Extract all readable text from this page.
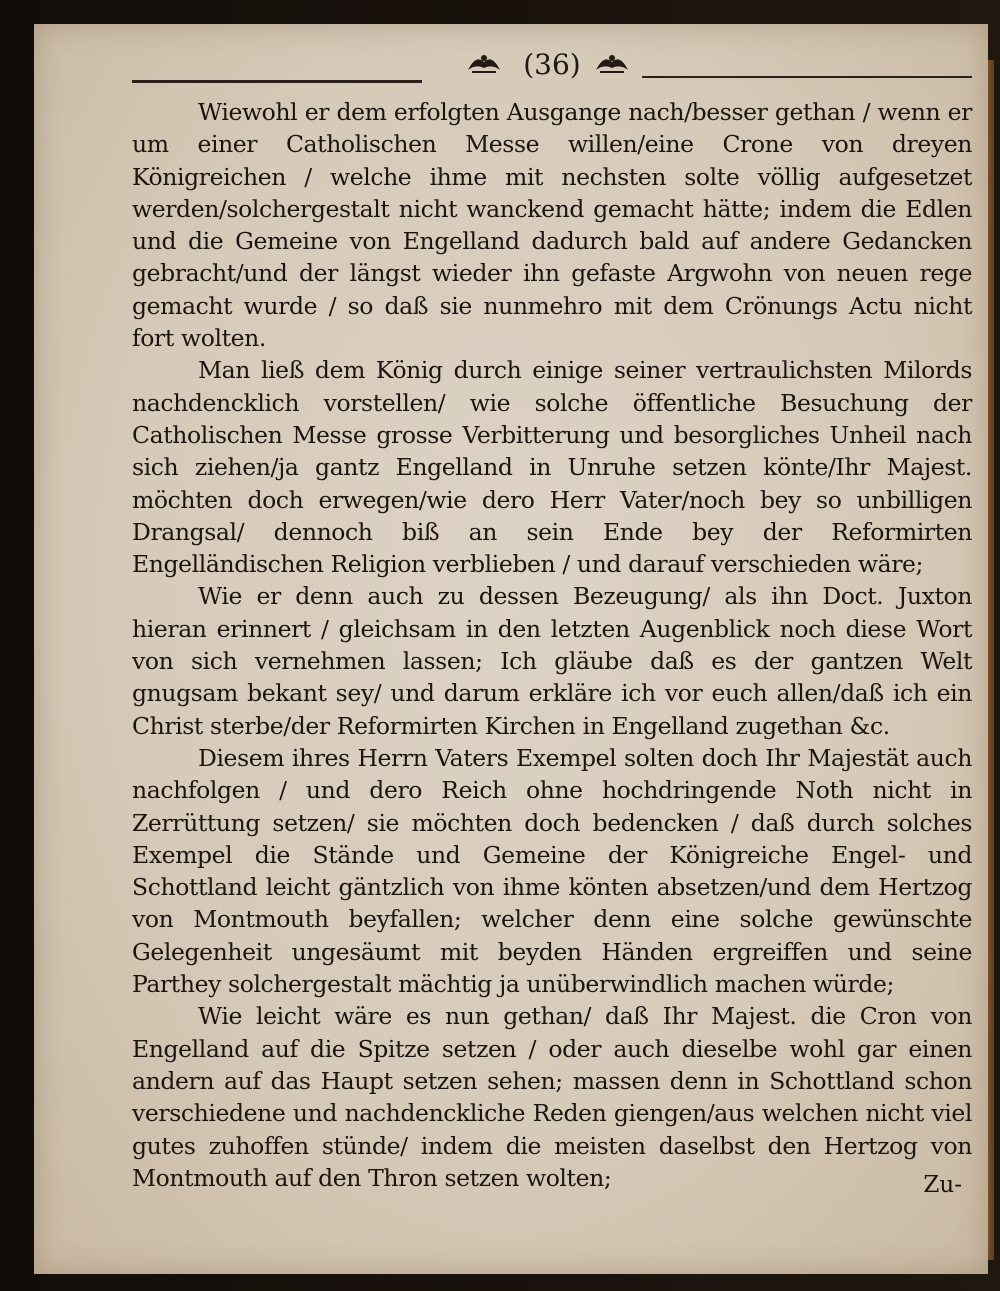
(36)

Wiewohl er dem erfolgten Ausgange nach/besser gethan / wenn er um einer Catholischen Messe willen/eine Crone von dreyen Königreichen / welche ihme mit nechsten solte völlig aufgesetzet werden/solchergestalt nicht wanckend gemacht hätte; indem die Edlen und die Gemeine von Engelland dadurch bald auf andere Gedancken gebracht/und der längst wieder ihn gefaste Argwohn von neuen rege gemacht wurde / so daß sie nunmehro mit dem Crönungs Actu nicht fort wolten.

Man ließ dem König durch einige seiner vertraulichsten Milords nachdencklich vorstellen/ wie solche öffentliche Besuchung der Catholischen Messe grosse Verbitterung und besorgliches Unheil nach sich ziehen/ja gantz Engelland in Unruhe setzen könte/Ihr Majest. möchten doch erwegen/wie dero Herr Vater/noch bey so unbilligen Drangsal/ dennoch biß an sein Ende bey der Reformirten Engelländischen Religion verblieben / und darauf verschieden wäre;

Wie er denn auch zu dessen Bezeugung/ als ihn Doct. Juxton hieran erinnert / gleichsam in den letzten Augenblick noch diese Wort von sich vernehmen lassen; Ich gläube daß es der gantzen Welt gnugsam bekant sey/ und darum erkläre ich vor euch allen/daß ich ein Christ sterbe/der Reformirten Kirchen in Engelland zugethan &c.

Diesem ihres Herrn Vaters Exempel solten doch Ihr Majestät auch nachfolgen / und dero Reich ohne hochdringende Noth nicht in Zerrüttung setzen/ sie möchten doch bedencken / daß durch solches Exempel die Stände und Gemeine der Königreiche Engel- und Schottland leicht gäntzlich von ihme könten absetzen/und dem Hertzog von Montmouth beyfallen; welcher denn eine solche gewünschte Gelegenheit ungesäumt mit beyden Händen ergreiffen und seine Parthey solchergestalt mächtig ja unüberwindlich machen würde;

Wie leicht wäre es nun gethan/ daß Ihr Majest. die Cron von Engelland auf die Spitze setzen / oder auch dieselbe wohl gar einen andern auf das Haupt setzen sehen; massen denn in Schottland schon verschiedene und nachdenckliche Reden giengen/aus welchen nicht viel gutes zuhoffen stünde/ indem die meisten daselbst den Hertzog von Montmouth auf den Thron setzen wolten;	Zu-
